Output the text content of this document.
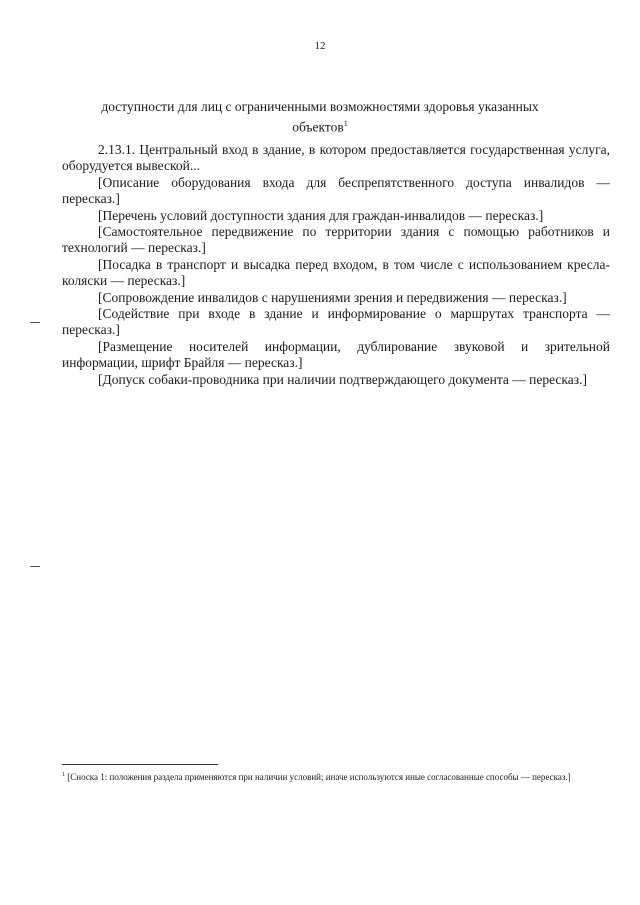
12
доступности для лиц с ограниченными возможностями здоровья указанных объектов$^1$

2.13.1. Центральный вход в здание, в котором предоставляется государственная услуга, оборудуется вывеской...

[Описание оборудования входа для беспрепятственного доступа инвалидов — пересказ.]

[Перечень условий доступности здания для граждан-инвалидов — пересказ.]

[Самостоятельное передвижение по территории здания с помощью работников и технологий — пересказ.]

[Посадка в транспорт и высадка перед входом, в том числе с использованием кресла-коляски — пересказ.]

[Сопровождение инвалидов с нарушениями зрения и передвижения — пересказ.]

[Содействие при входе в здание и информирование о маршрутах транспорта — пересказ.]

[Размещение носителей информации, дублирование звуковой и зрительной информации, шрифт Брайля — пересказ.]

[Допуск собаки-проводника при наличии подтверждающего документа — пересказ.]

$^1$ [Сноска 1: положения раздела применяются при наличии условий; иначе используются иные согласованные способы — пересказ.]
